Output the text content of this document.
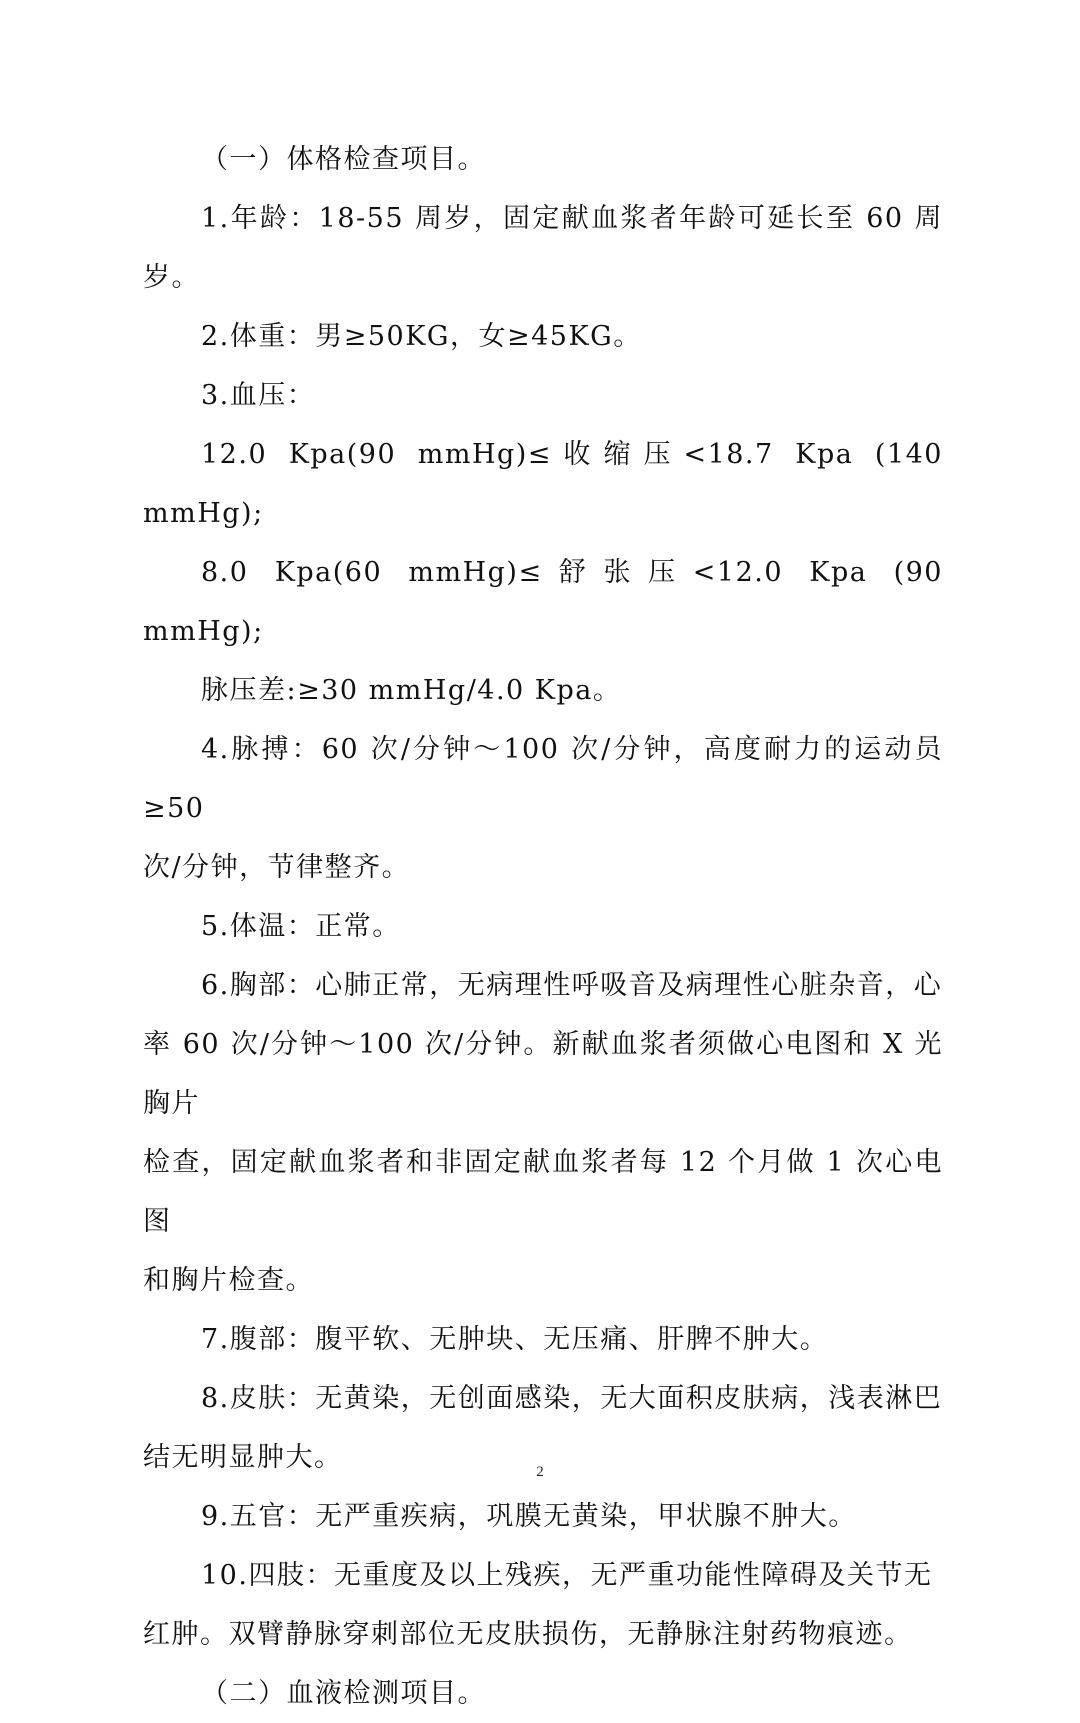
（一）体格检查项目。

1.年龄：18-55 周岁，固定献血浆者年龄可延长至 60 周岁。

2.体重：男≥50KG，女≥45KG。

3.血压：

12.0 Kpa(90 mmHg)≤收缩压<18.7 Kpa (140 mmHg);

8.0 Kpa(60 mmHg)≤舒张压<12.0 Kpa (90 mmHg);

脉压差:≥30 mmHg/4.0 Kpa。

4.脉搏：60 次/分钟～100 次/分钟，高度耐力的运动员≥50
次/分钟，节律整齐。

5.体温：正常。

6.胸部：心肺正常，无病理性呼吸音及病理性心脏杂音，心
率 60 次/分钟～100 次/分钟。新献血浆者须做心电图和 X 光胸片
检查，固定献血浆者和非固定献血浆者每 12 个月做 1 次心电图
和胸片检查。

7.腹部：腹平软、无肿块、无压痛、肝脾不肿大。

8.皮肤：无黄染，无创面感染，无大面积皮肤病，浅表淋巴
结无明显肿大。

9.五官：无严重疾病，巩膜无黄染，甲状腺不肿大。

10.四肢：无重度及以上残疾，无严重功能性障碍及关节无
红肿。双臂静脉穿刺部位无皮肤损伤，无静脉注射药物痕迹。

（二）血液检测项目。

2
